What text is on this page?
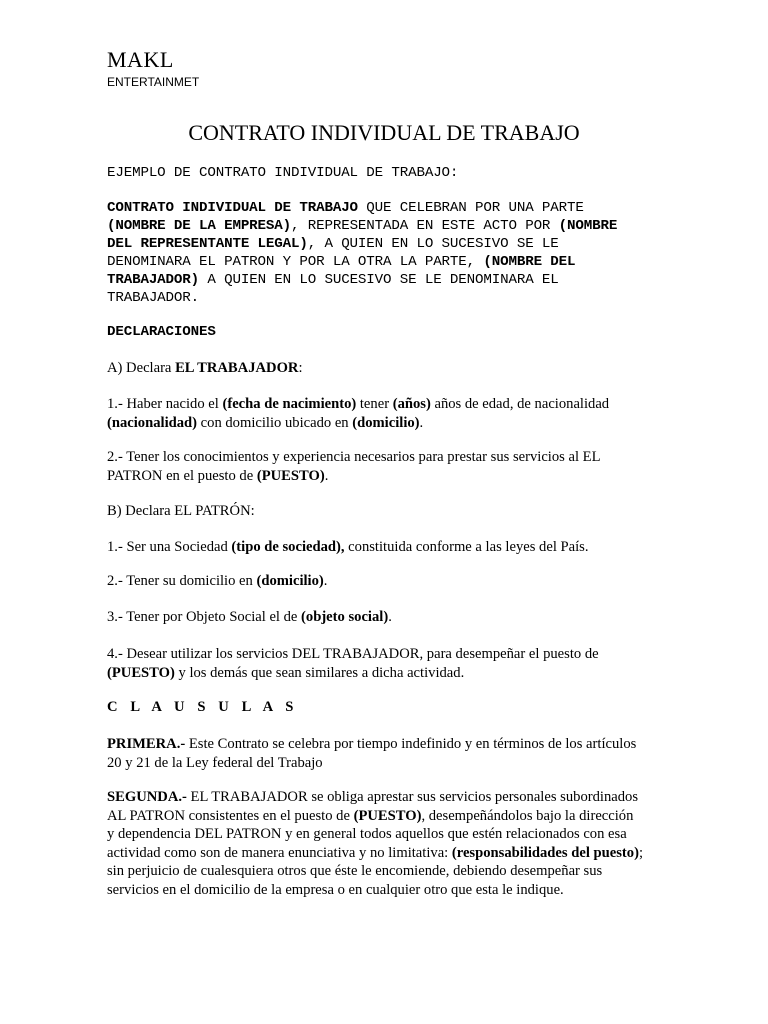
MAKL
ENTERTAINMET
CONTRATO INDIVIDUAL DE TRABAJO

EJEMPLO DE CONTRATO INDIVIDUAL DE TRABAJO:

CONTRATO INDIVIDUAL DE TRABAJO QUE CELEBRAN POR UNA PARTE
(NOMBRE DE LA EMPRESA), REPRESENTADA EN ESTE ACTO POR (NOMBRE
DEL REPRESENTANTE LEGAL), A QUIEN EN LO SUCESIVO SE LE
DENOMINARA EL PATRON Y POR LA OTRA LA PARTE, (NOMBRE DEL
TRABAJADOR) A QUIEN EN LO SUCESIVO SE LE DENOMINARA EL
TRABAJADOR.

DECLARACIONES

A) Declara EL TRABAJADOR:

1.- Haber nacido el (fecha de nacimiento) tener (años) años de edad, de nacionalidad
(nacionalidad) con domicilio ubicado en (domicilio).

2.- Tener los conocimientos y experiencia necesarios para prestar sus servicios al EL
PATRON en el puesto de (PUESTO).

B) Declara EL PATRÓN:

1.- Ser una Sociedad (tipo de sociedad), constituida conforme a las leyes del País.

2.- Tener su domicilio en (domicilio).

3.- Tener por Objeto Social el de (objeto social).

4.- Desear utilizar los servicios DEL TRABAJADOR, para desempeñar el puesto de
(PUESTO) y los demás que sean similares a dicha actividad.

C L A U S U L A S

PRIMERA.- Este Contrato se celebra por tiempo indefinido y en términos de los artículos
20 y 21 de la Ley federal del Trabajo

SEGUNDA.- EL TRABAJADOR se obliga aprestar sus servicios personales subordinados
AL PATRON consistentes en el puesto de (PUESTO), desempeñándolos bajo la dirección
y dependencia DEL PATRON y en general todos aquellos que estén relacionados con esa
actividad como son de manera enunciativa y no limitativa: (responsabilidades del puesto);
sin perjuicio de cualesquiera otros que éste le encomiende, debiendo desempeñar sus
servicios en el domicilio de la empresa o en cualquier otro que esta le indique.
